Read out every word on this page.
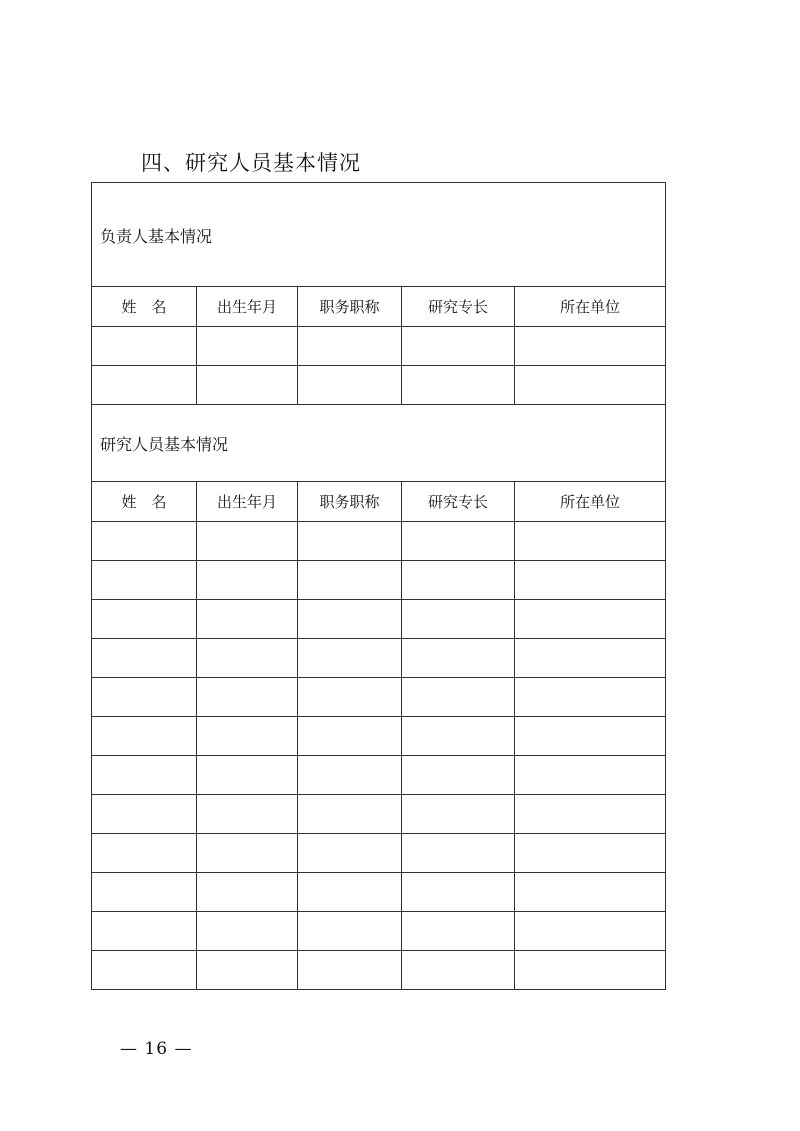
四、研究人员基本情况
负责人基本情况				
姓　名	出生年月	职务职称	研究专长	所在单位

研究人员基本情况				
姓　名	出生年月	职务职称	研究专长	所在单位

— 16 —
